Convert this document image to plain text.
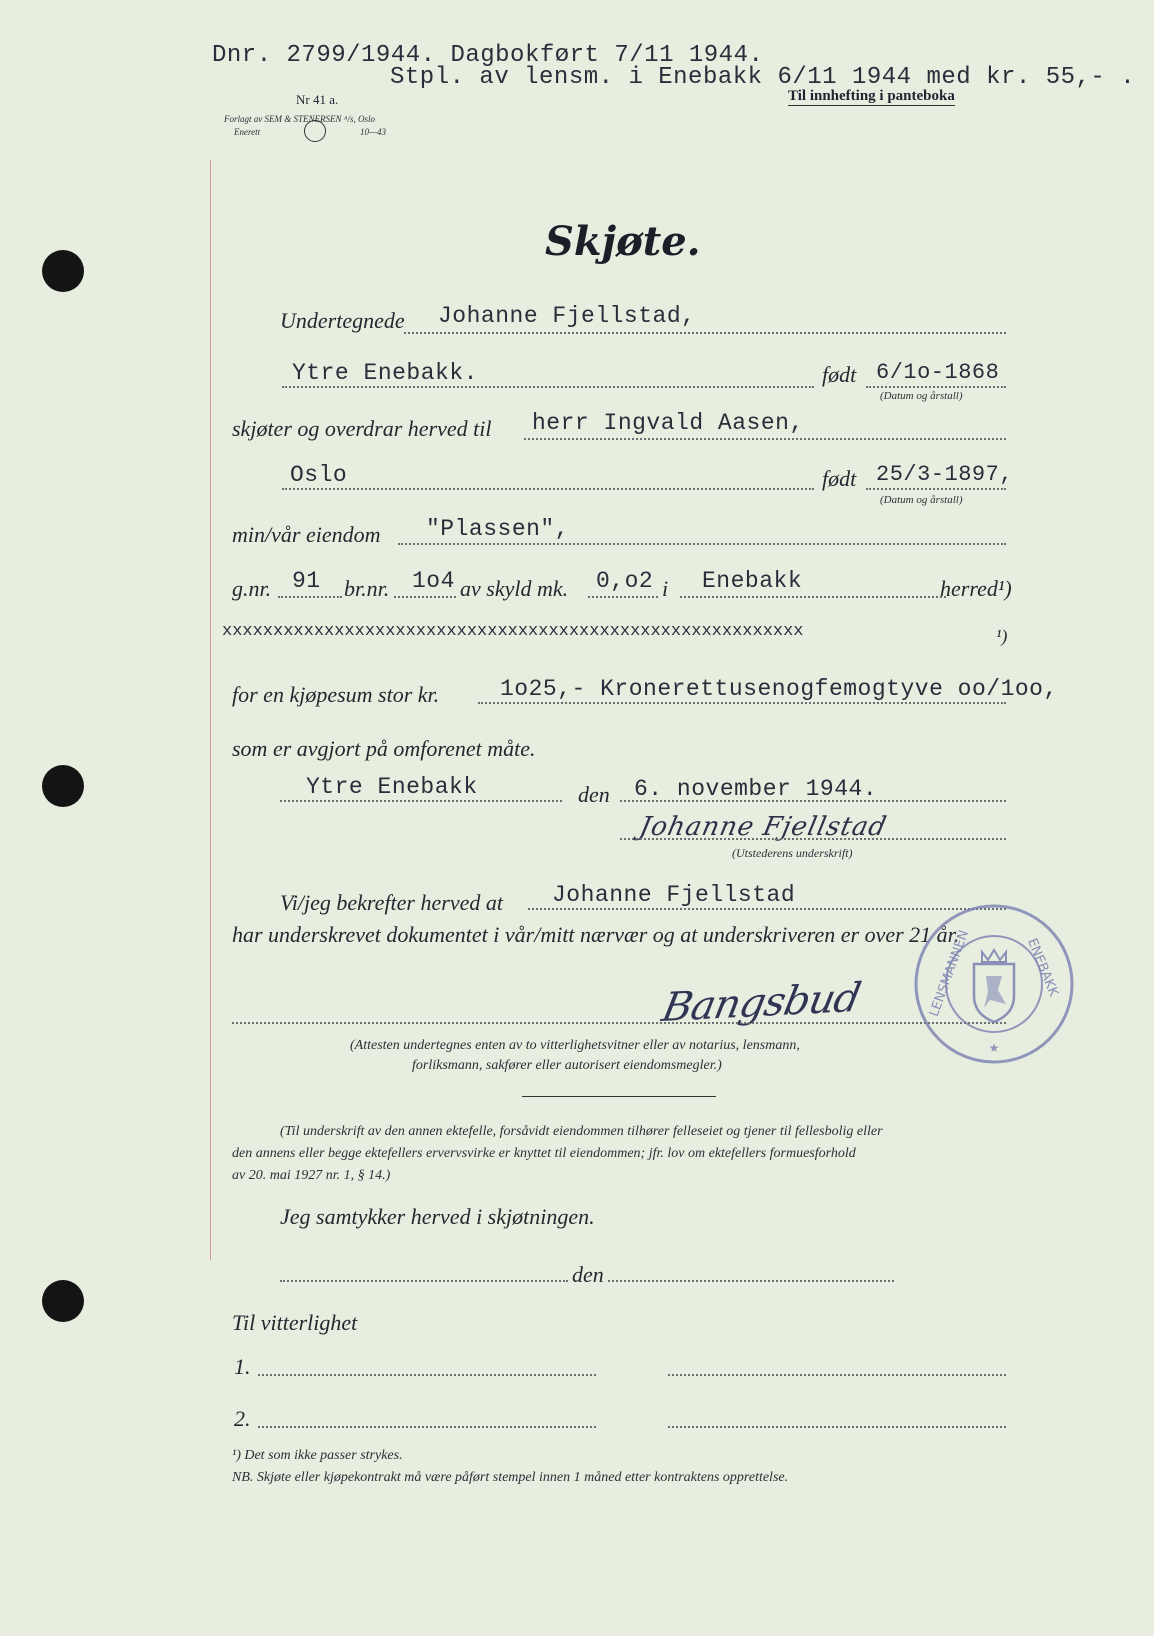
Dnr. 2799/1944. Dagbokført 7/11 1944.
Stpl. av lensm. i Enebakk 6/11 1944 med kr. 55,- .
Til innhefting i panteboka
Nr 41 a.
Forlagt av SEM & STENERSEN ᴬ/s, Oslo
Enerett	10—43
Skjøte.
Undertegnede Johanne Fjellstad,
Ytre Enebakk.	født 6/1o-1868
(Datum og årstall)
skjøter og overdrar herved til herr Ingvald Aasen,
Oslo	født 25/3-1897,
(Datum og årstall)
min/vår eiendom "Plassen",
g.nr. 91 br.nr. 1o4 av skyld mk. 0,o2 i Enebakk	herred¹)
xxxxxxxxxxxxxxxxxxxxxxxxxxxxxxxxxxxxxxxxxxxxxxxxxxxxxxxxx	¹)
for en kjøpesum stor kr.	1o25,- Kronerettusenogfemogtyve oo/1oo,
som er avgjort på omforenet måte.
Ytre Enebakk	den 6. november 1944.
Johanne Fjellstad
(Utstederens underskrift)
Vi/jeg bekrefter herved at Johanne Fjellstad
har underskrevet dokumentet i vår/mitt nærvær og at underskriveren er over 21 år.
Bangsbud
(Attesten undertegnes enten av to vitterlighetsvitner eller av notarius, lensmann,
forliksmann, sakfører eller autorisert eiendomsmegler.)
★
LENSMANNEN	ENEBAKK
(Til underskrift av den annen ektefelle, forsåvidt eiendommen tilhører felleseiet og tjener til fellesbolig eller
den annens eller begge ektefellers ervervsvirke er knyttet til eiendommen; jfr. lov om ektefellers formuesforhold
av 20. mai 1927 nr. 1, § 14.)
Jeg samtykker herved i skjøtningen.
den
Til vitterlighet
1.
2.
¹) Det som ikke passer strykes.
NB. Skjøte eller kjøpekontrakt må være påført stempel innen 1 måned etter kontraktens opprettelse.
